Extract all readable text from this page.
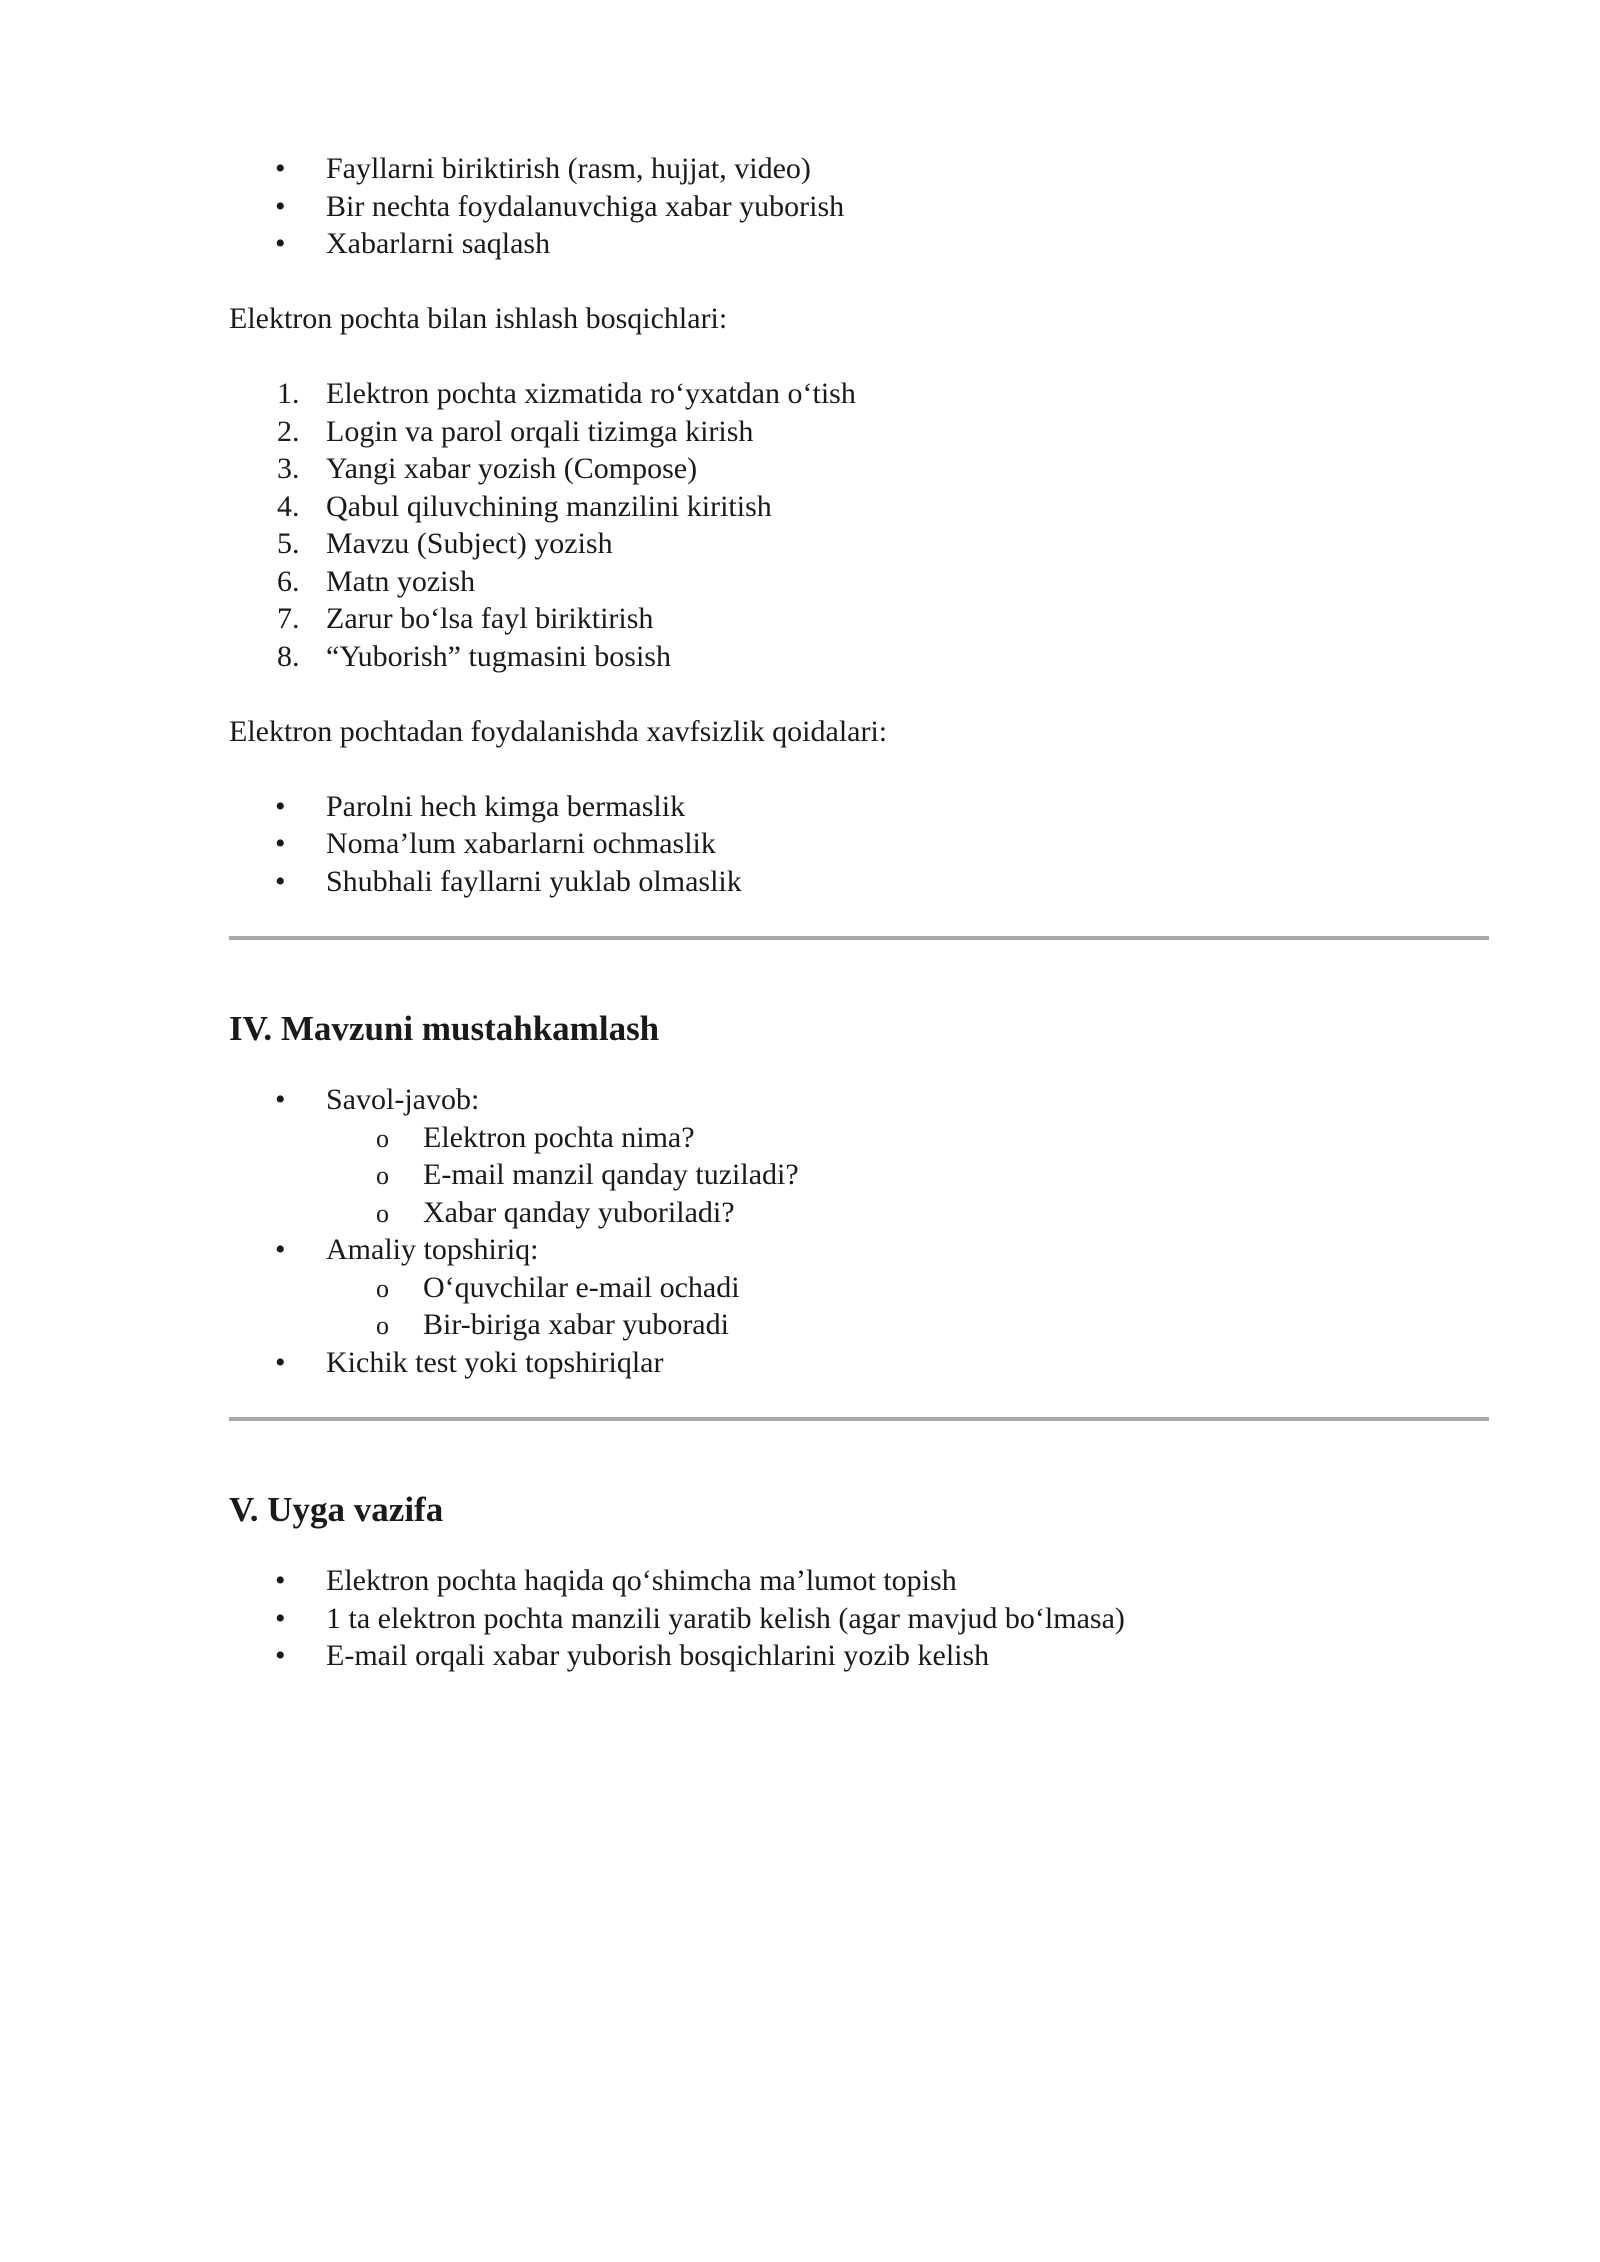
• Fayllarni biriktirish (rasm, hujjat, video)
• Bir nechta foydalanuvchiga xabar yuborish
• Xabarlarni saqlash

Elektron pochta bilan ishlash bosqichlari:

1. Elektron pochta xizmatida ro‘yxatdan o‘tish
2. Login va parol orqali tizimga kirish
3. Yangi xabar yozish (Compose)
4. Qabul qiluvchining manzilini kiritish
5. Mavzu (Subject) yozish
6. Matn yozish
7. Zarur bo‘lsa fayl biriktirish
8. “Yuborish” tugmasini bosish

Elektron pochtadan foydalanishda xavfsizlik qoidalari:

• Parolni hech kimga bermaslik
• Noma’lum xabarlarni ochmaslik
• Shubhali fayllarni yuklab olmaslik
IV. Mavzuni mustahkamlash
• Savol-javob:
o Elektron pochta nima?
o E-mail manzil qanday tuziladi?
o Xabar qanday yuboriladi?
• Amaliy topshiriq:
o O‘quvchilar e-mail ochadi
o Bir-biriga xabar yuboradi
• Kichik test yoki topshiriqlar
V. Uyga vazifa
• Elektron pochta haqida qo‘shimcha ma’lumot topish
• 1 ta elektron pochta manzili yaratib kelish (agar mavjud bo‘lmasa)
• E-mail orqali xabar yuborish bosqichlarini yozib kelish
